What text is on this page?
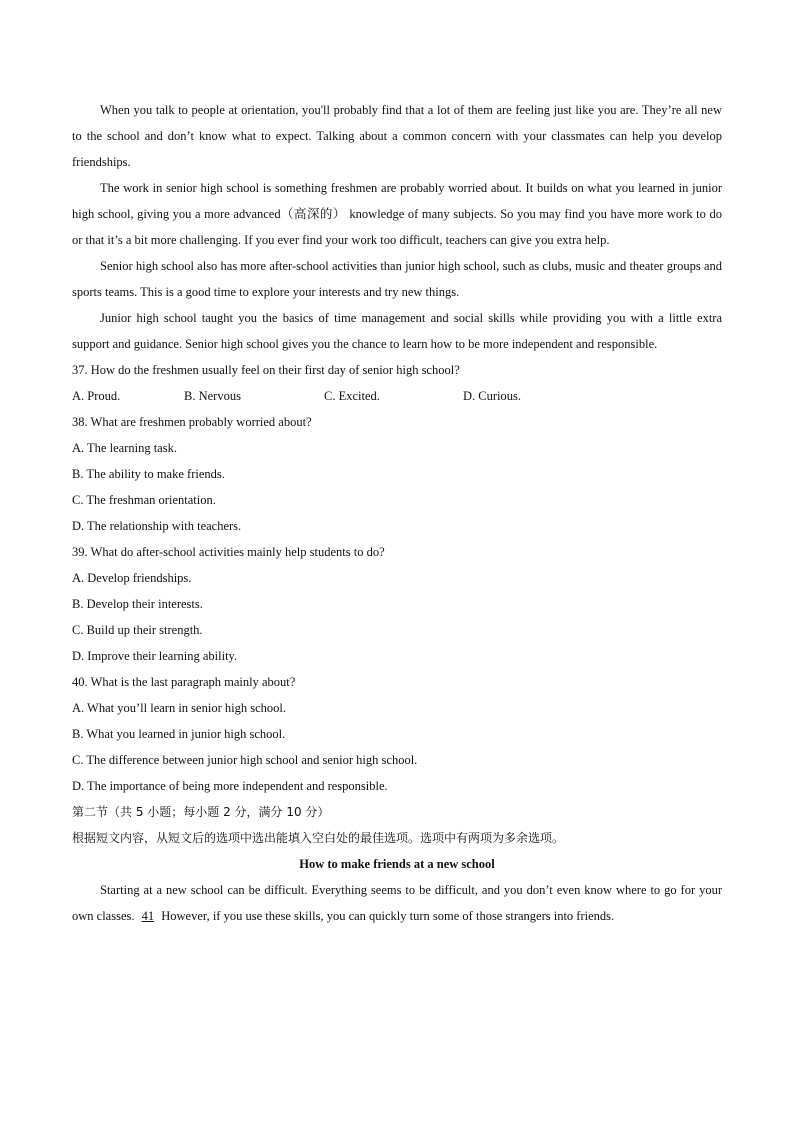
When you talk to people at orientation, you'll probably find that a lot of them are feeling just like you are. They’re all new to the school and don’t know what to expect. Talking about a common concern with your classmates can help you develop friendships.

The work in senior high school is something freshmen are probably worried about. It builds on what you learned in junior high school, giving you a more advanced（高深的） knowledge of many subjects. So you may find you have more work to do or that it’s a bit more challenging. If you ever find your work too difficult, teachers can give you extra help.

Senior high school also has more after-school activities than junior high school, such as clubs, music and theater groups and sports teams. This is a good time to explore your interests and try new things.

Junior high school taught you the basics of time management and social skills while providing you with a little extra support and guidance. Senior high school gives you the chance to learn how to be more independent and responsible.

37. How do the freshmen usually feel on their first day of senior high school?

A. Proud.	B. Nervous	C. Excited.	D. Curious.

38. What are freshmen probably worried about?

A. The learning task.

B. The ability to make friends.

C. The freshman orientation.

D. The relationship with teachers.

39. What do after-school activities mainly help students to do?

A. Develop friendships.

B. Develop their interests.

C. Build up their strength.

D. Improve their learning ability.

40. What is the last paragraph mainly about?

A. What you’ll learn in senior high school.

B. What you learned in junior high school.

C. The difference between junior high school and senior high school.

D. The importance of being more independent and responsible.

第二节（共 5 小题；每小题 2 分，满分 10 分）

根据短文内容，从短文后的选项中选出能填入空白处的最佳选项。选项中有两项为多余选项。

How to make friends at a new school

Starting at a new school can be difficult. Everything seems to be difficult, and you don’t even know where to go for your own classes. 41 However, if you use these skills, you can quickly turn some of those strangers into friends.
